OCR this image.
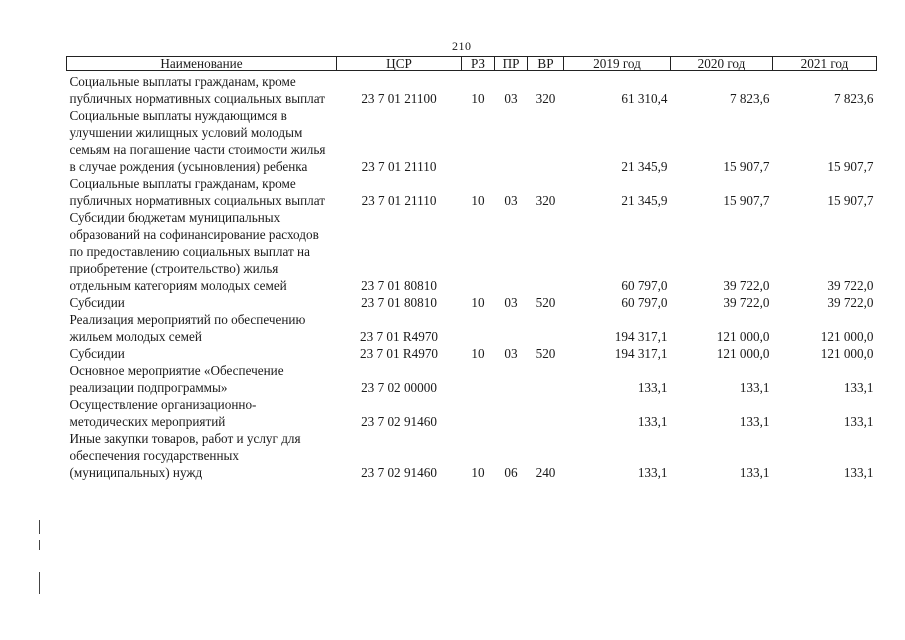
210
Наименование	ЦСР	РЗ	ПР	ВР	2019 год	2020 год	2021 год

Социальные выплаты гражданам, кроме публичных нормативных социальных выплат	23 7 01 21100	10	03	320	61 310,4	7 823,6	7 823,6
Социальные выплаты нуждающимся в улучшении жилищных условий молодым семьям на погашение части стоимости жилья в случае рождения (усыновления) ребенка	23 7 01 21110				21 345,9	15 907,7	15 907,7
Социальные выплаты гражданам, кроме публичных нормативных социальных выплат	23 7 01 21110	10	03	320	21 345,9	15 907,7	15 907,7
Субсидии бюджетам муниципальных образований на софинансирование расходов по предоставлению социальных выплат на приобретение (строительство) жилья отдельным категориям молодых семей	23 7 01 80810				60 797,0	39 722,0	39 722,0
Субсидии	23 7 01 80810	10	03	520	60 797,0	39 722,0	39 722,0
Реализация мероприятий по обеспечению жильем молодых семей	23 7 01 R4970				194 317,1	121 000,0	121 000,0
Субсидии	23 7 01 R4970	10	03	520	194 317,1	121 000,0	121 000,0
Основное мероприятие «Обеспечение реализации подпрограммы»	23 7 02 00000				133,1	133,1	133,1
Осуществление организационно-методических мероприятий	23 7 02 91460				133,1	133,1	133,1
Иные закупки товаров, работ и услуг для обеспечения государственных (муниципальных) нужд	23 7 02 91460	10	06	240	133,1	133,1	133,1
